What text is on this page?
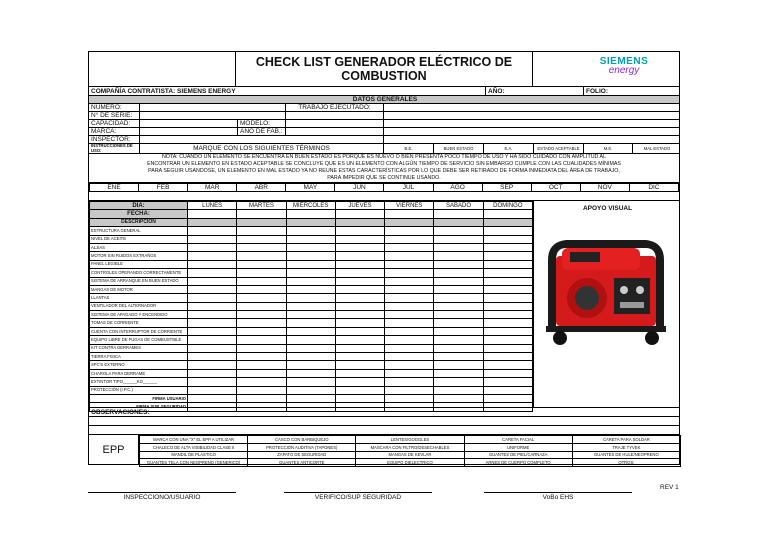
CHECK LIST GENERADOR ELÉCTRICO DE
COMBUSTION
SIEMENS
energy
COMPAÑÍA CONTRATISTA: SIEMENS ENERGY	AÑO:	FOLIO:
DATOS GENERALES
NÚMERO:	TRABAJO EJECUTADO:
N° DE SERIE:
CAPACIDAD:	MODELO:
MARCA:	AÑO DE FAB.:
INSPECTOR:
INSTRUCCIONES DE USO:	MARQUE CON LOS SIGUIENTES TÉRMINOS	B.E.	BUEN ESTADO	E.A.	ESTADO ACEPTABLE	M.E.	MAL ESTADO
NOTA: CUANDO UN ELEMENTO SE ENCUENTRA EN BUEN ESTADO ES PORQUE ES NUEVO O BIEN PRESENTA POCO TIEMPO DE USO Y HA SIDO CUIDADO CON AMPLITUD AL ENCONTRAR UN ELEMENTO EN ESTADO ACEPTABLE SE CONCLUYE QUE ES UN ELEMENTO CON ALGÚN TIEMPO DE SERVICIO SIN EMBARGO CUMPLE CON LAS CUALIDADES MÍNIMAS PARA SEGUIR USANDOSE, UN ELEMENTO EN MAL ESTADO YA NO REUNE ESTAS CARACTERÍSTICAS POR LO QUE DEBE SER RETIRADO DE FORMA INMEDIATA DEL ÁREA DE TRABAJO, PARA IMPEDIR QUE SE CONTINUE USANDO.
ENE	FEB	MAR	ABR	MAY	JUN	JUL	AGO	SEP	OCT	NOV	DIC
DIA:	LUNES	MARTES	MIÉRCOLES	JUEVES	VIERNES	SABADO	DOMINGO
FECHA:							
DESCRIPCIÓN							
ESTRUCTURA GENERAL							
NIVEL DE ACEITE							
ALJIAS							
MOTOR SIN RUIDOS EXTRAÑOS							
PANEL LEGIBLE							
CONTROLES OPERANDO CORRECTAMENTE							
SISTEMA DE ARRANQUE EN BUEN ESTADO							
MANGAS DE MOTOR							
LLANTAS							
VENTILADOR DEL ALTERNADOR							
SISTEMA DE APAGADO Y ENCENDIDO							
TOMAS DE CORRIENTE							
CUENTA CON INTERRUPTOR DE CORRIENTE							
EQUIPO LIBRE DE FUGAS DE COMBUSTIBLE							
KIT CONTRA DERRAMES							
TIERRA FISICA							
SPC'S EXTERNO							
CHAROLA PARA DERRAME							
EXTINTOR TIPO______KG______							
PROTECCIÓN (I.P.C.)							
FIRMA USUARIO							
FIRMA SUP. SEGURIDAD							
APOYO VISUAL
OBSERVACIONES:
EPP
MARCA CON UNA "X" EL EPP A UTILIZAR	CASCO CON BARBIQUEJO	LENTES/GOGGLES	CARETA FACIAL	CARETA PARA SOLDAR
CHALECO DE ALTA VISIBILIDAD CLASE II	PROTECCIÓN AUDITIVA (TAPONES)	MASCARA CON FILTRO/DESECHABLES	UNIFORME	TRAJE TYVEK
MANDIL DE PLASTICO	ZAPATO DE SEGURIDAD	MANGAS DE KEVLAR	GUANTES DE PIEL/CARNAZA	GUANTES DE HULE/NEOPRENO
GUANTES TELA CON NEOPRENO (GENERICO)	GUANTES ANTICORTE	EQUIPO DIELECTRICO	ARNES DE CUERPO COMPLETO	OTROS:
REV 1
INSPECCIONO/USUARIO	VERIFICO/SUP SEGURIDAD	VoBo EHS
